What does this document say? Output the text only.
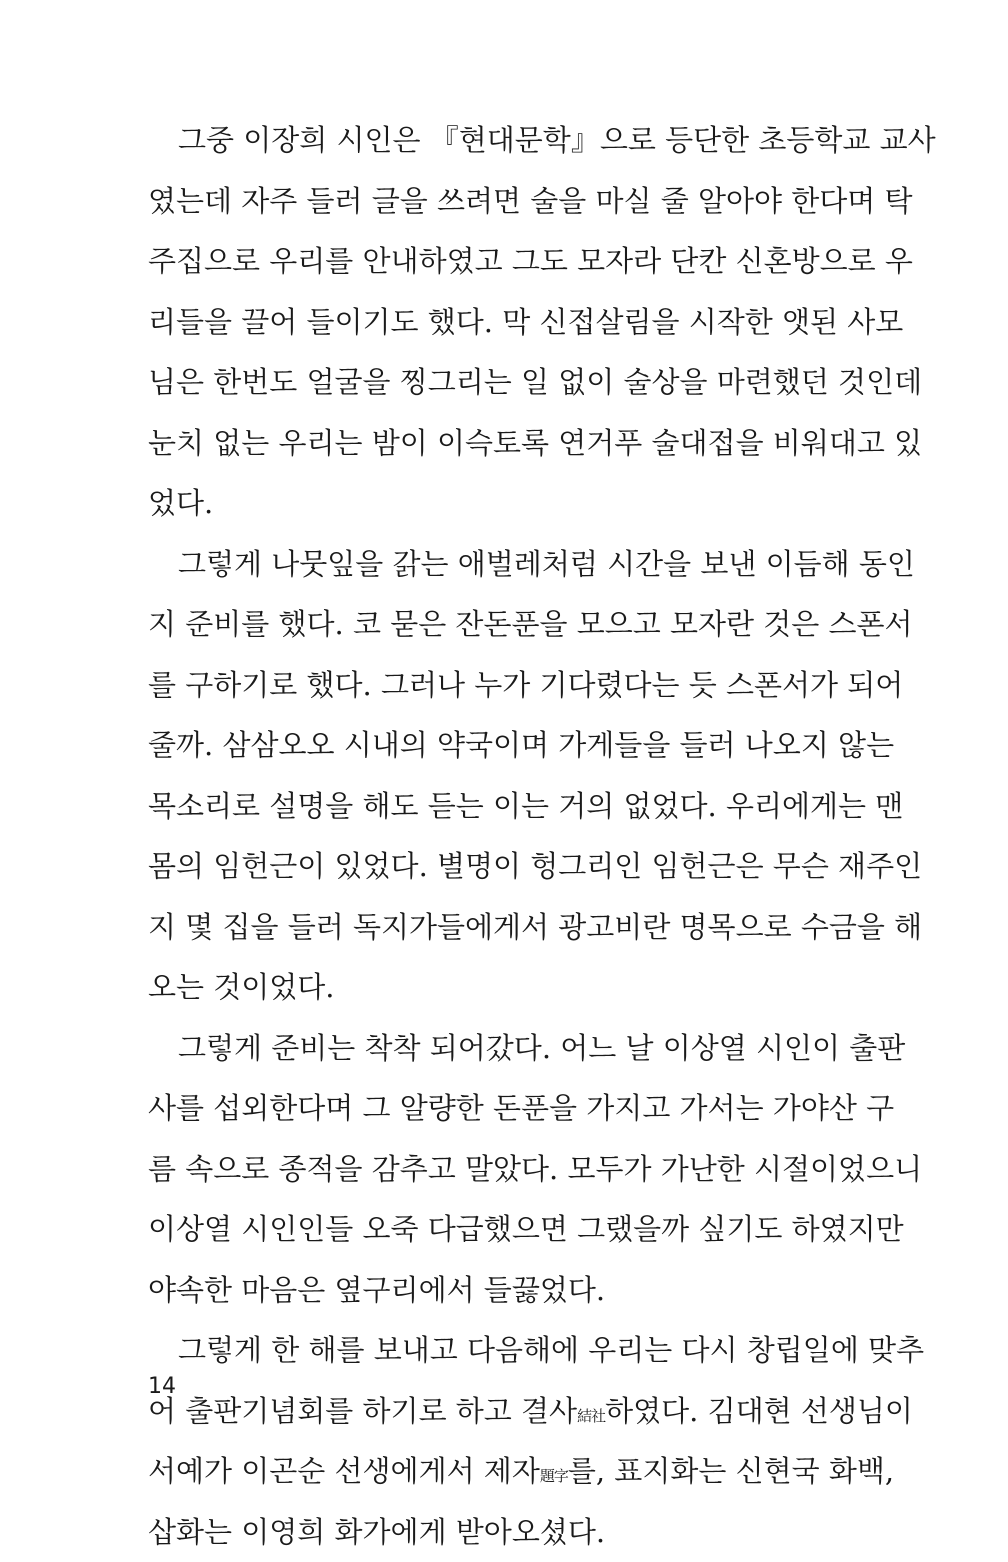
그중 이장희 시인은 『현대문학』으로 등단한 초등학교 교사
였는데 자주 들러 글을 쓰려면 술을 마실 줄 알아야 한다며 탁
주집으로 우리를 안내하였고 그도 모자라 단칸 신혼방으로 우
리들을 끌어 들이기도 했다. 막 신접살림을 시작한 앳된 사모
님은 한번도 얼굴을 찡그리는 일 없이 술상을 마련했던 것인데
눈치 없는 우리는 밤이 이슥토록 연거푸 술대접을 비워대고 있
었다.
그렇게 나뭇잎을 갉는 애벌레처럼 시간을 보낸 이듬해 동인
지 준비를 했다. 코 묻은 잔돈푼을 모으고 모자란 것은 스폰서
를 구하기로 했다. 그러나 누가 기다렸다는 듯 스폰서가 되어
줄까. 삼삼오오 시내의 약국이며 가게들을 들러 나오지 않는
목소리로 설명을 해도 듣는 이는 거의 없었다. 우리에게는 맨
몸의 임헌근이 있었다. 별명이 헝그리인 임헌근은 무슨 재주인
지 몇 집을 들러 독지가들에게서 광고비란 명목으로 수금을 해
오는 것이었다.
그렇게 준비는 착착 되어갔다. 어느 날 이상열 시인이 출판
사를 섭외한다며 그 알량한 돈푼을 가지고 가서는 가야산 구
름 속으로 종적을 감추고 말았다. 모두가 가난한 시절이었으니
이상열 시인인들 오죽 다급했으면 그랬을까 싶기도 하였지만
야속한 마음은 옆구리에서 들끓었다.
그렇게 한 해를 보내고 다음해에 우리는 다시 창립일에 맞추
어 출판기념회를 하기로 하고 결사結社하였다. 김대현 선생님이
서예가 이곤순 선생에게서 제자題字를, 표지화는 신현국 화백,
삽화는 이영희 화가에게 받아오셨다.
14
